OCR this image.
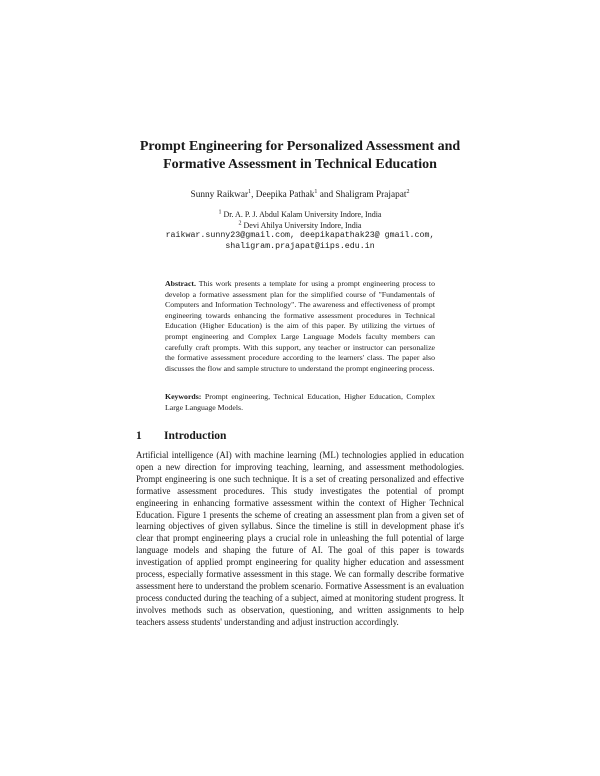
Prompt Engineering for Personalized Assessment and
Formative Assessment in Technical Education
Sunny Raikwar$^1$, Deepika Pathak$^1$ and Shaligram Prajapat$^2$
$^1$ Dr. A. P. J. Abdul Kalam University Indore, India
$^2$ Devi Ahilya University Indore, India
raikwar.sunny23@gmail.com, deepikapathak23@ gmail.com,
shaligram.prajapat@iips.edu.in
Abstract. This work presents a template for using a prompt engineering process to develop a formative assessment plan for the simplified course of "Fundamentals of Computers and Information Technology". The awareness and effectiveness of prompt engineering towards enhancing the formative assessment procedures in Technical Education (Higher Education) is the aim of this paper. By utilizing the virtues of prompt engineering and Complex Large Language Models faculty members can carefully craft prompts. With this support, any teacher or instructor can personalize the formative assessment procedure according to the learners' class. The paper also discusses the flow and sample structure to understand the prompt engineering process.
Keywords: Prompt engineering, Technical Education, Higher Education, Complex Large Language Models.
1 Introduction
Artificial intelligence (AI) with machine learning (ML) technologies applied in education open a new direction for improving teaching, learning, and assessment methodologies. Prompt engineering is one such technique. It is a set of creating personalized and effective formative assessment procedures. This study investigates the potential of prompt engineering in enhancing formative assessment within the context of Higher Technical Education. Figure 1 presents the scheme of creating an assessment plan from a given set of learning objectives of given syllabus. Since the timeline is still in development phase it's clear that prompt engineering plays a crucial role in unleashing the full potential of large language models and shaping the future of AI. The goal of this paper is towards investigation of applied prompt engineering for quality higher education and assessment process, especially formative assessment in this stage. We can formally describe formative assessment here to understand the problem scenario. Formative Assessment is an evaluation process conducted during the teaching of a subject, aimed at monitoring student progress. It involves methods such as observation, questioning, and written assignments to help teachers assess students' understanding and adjust instruction accordingly.
